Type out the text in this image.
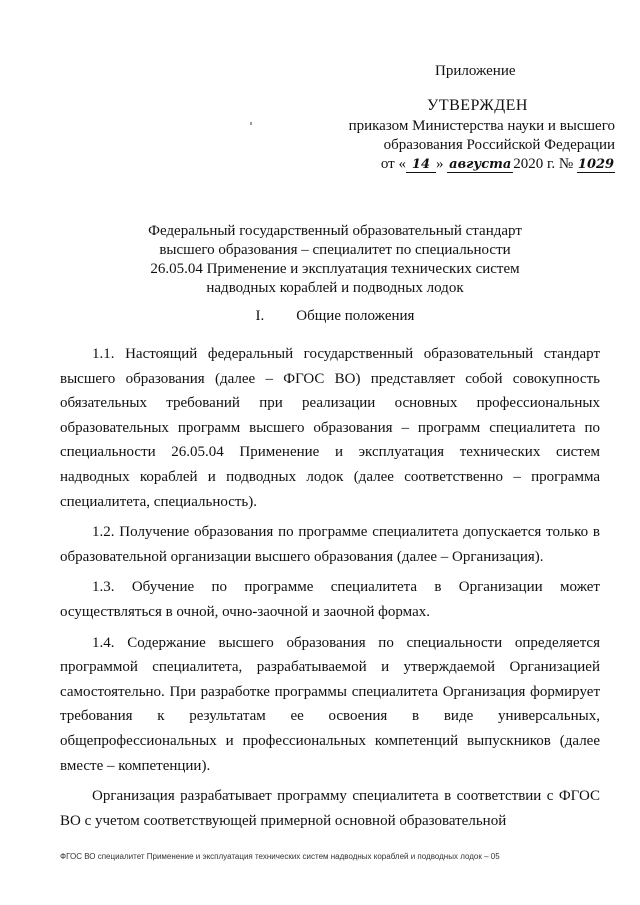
Приложение
УТВЕРЖДЕН
приказом Министерства науки и высшего
образования Российской Федерации
от « 14 » августа 2020 г. № 1029
Федеральный государственный образовательный стандарт
высшего образования – специалитет по специальности
26.05.04 Применение и эксплуатация технических систем
надводных кораблей и подводных лодок
I. Общие положения

1.1. Настоящий федеральный государственный образовательный стандарт высшего образования (далее – ФГОС ВО) представляет собой совокупность обязательных требований при реализации основных профессиональных образовательных программ высшего образования – программ специалитета по специальности 26.05.04 Применение и эксплуатация технических систем надводных кораблей и подводных лодок (далее соответственно – программа специалитета, специальность).

1.2. Получение образования по программе специалитета допускается только в образовательной организации высшего образования (далее – Организация).

1.3. Обучение по программе специалитета в Организации может осуществляться в очной, очно-заочной и заочной формах.

1.4. Содержание высшего образования по специальности определяется программой специалитета, разрабатываемой и утверждаемой Организацией самостоятельно. При разработке программы специалитета Организация формирует требования к результатам ее освоения в виде универсальных, общепрофессиональных и профессиональных компетенций выпускников (далее вместе – компетенции).

Организация разрабатывает программу специалитета в соответствии с ФГОС ВО с учетом соответствующей примерной основной образовательной

ФГОС ВО специалитет Применение и эксплуатация технических систем надводных кораблей и подводных лодок – 05
